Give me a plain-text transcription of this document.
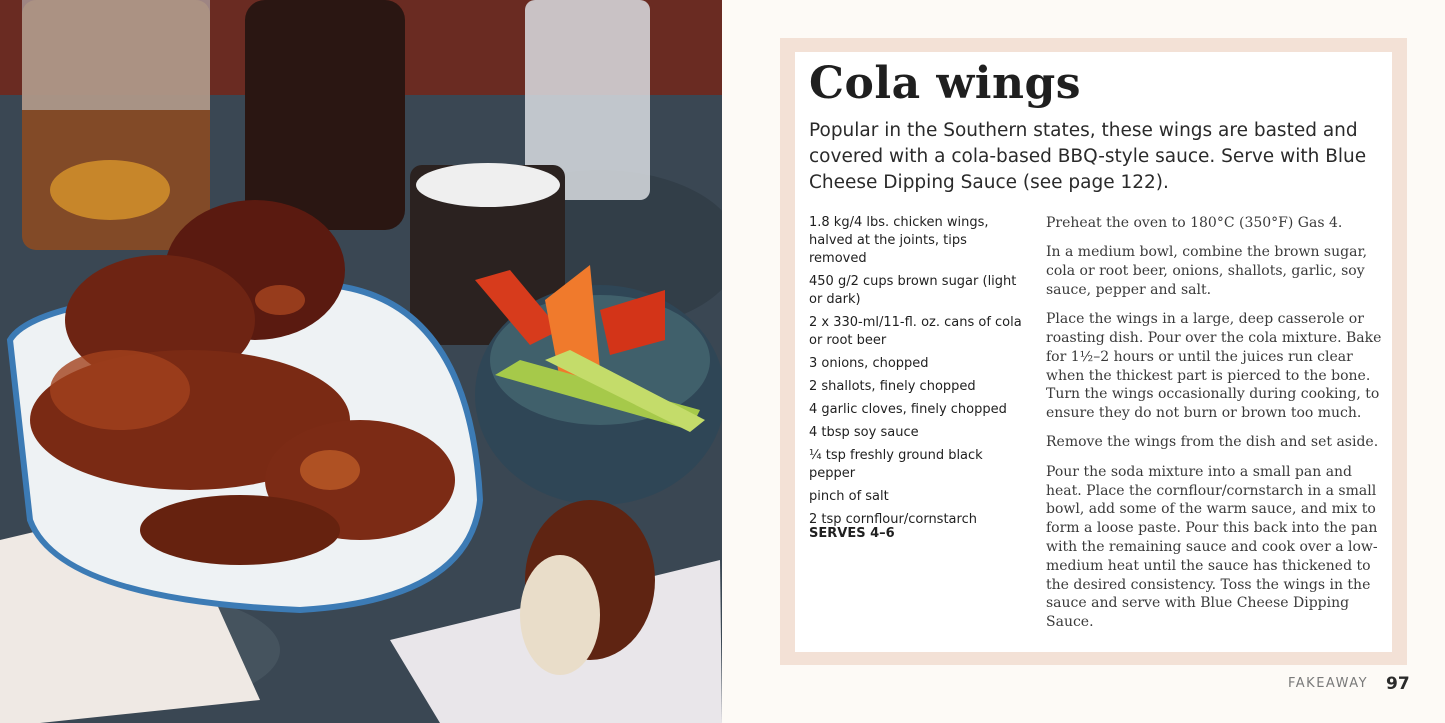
Cola wings
Popular in the Southern states, these wings are basted and covered with a cola-based BBQ-style sauce. Serve with Blue Cheese Dipping Sauce (see page 122).
1.8 kg/4 lbs. chicken wings, halved at the joints, tips removed
450 g/2 cups brown sugar (light or dark)
2 x 330-ml/11-fl. oz. cans of cola or root beer
3 onions, chopped
2 shallots, finely chopped
4 garlic cloves, finely chopped
4 tbsp soy sauce
¼ tsp freshly ground black pepper
pinch of salt
2 tsp cornflour/cornstarch
SERVES 4–6

Preheat the oven to 180°C (350°F) Gas 4.

In a medium bowl, combine the brown sugar, cola or root beer, onions, shallots, garlic, soy sauce, pepper and salt.

Place the wings in a large, deep casserole or roasting dish. Pour over the cola mixture. Bake for 1½–2 hours or until the juices run clear when the thickest part is pierced to the bone. Turn the wings occasionally during cooking, to ensure they do not burn or brown too much.

Remove the wings from the dish and set aside.

Pour the soda mixture into a small pan and heat. Place the cornflour/cornstarch in a small bowl, add some of the warm sauce, and mix to form a loose paste. Pour this back into the pan with the remaining sauce and cook over a low-medium heat until the sauce has thickened to the desired consistency. Toss the wings in the sauce and serve with Blue Cheese Dipping Sauce.

FAKEAWAY 97
